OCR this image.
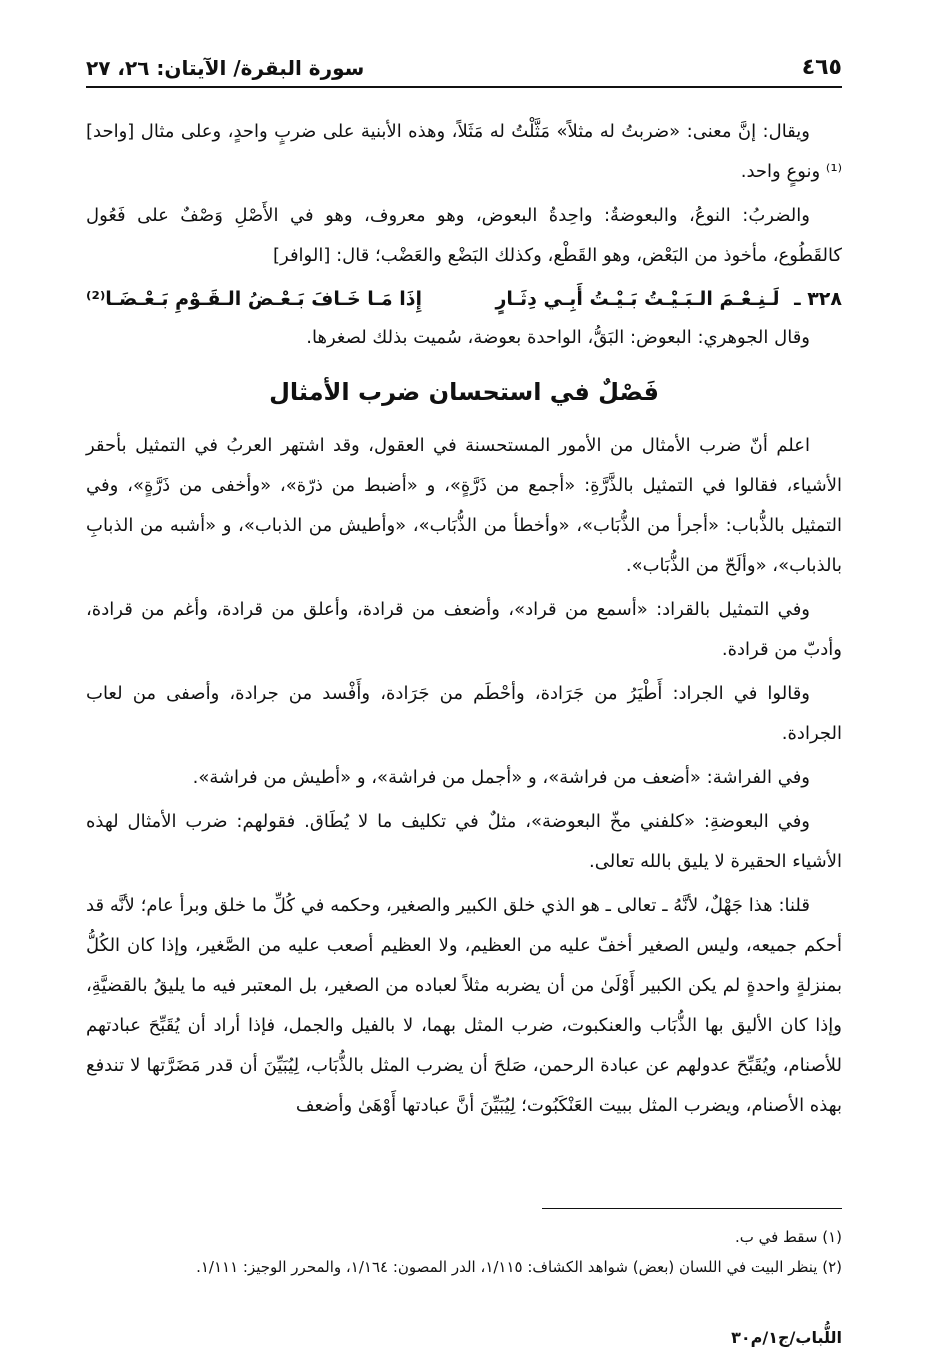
سورة البقرة/ الآيتان: ٢٦، ٢٧	٤٦٥

ويقال: إنَّ معنى: «ضربتُ له مثلاً» مَثَّلْتُ له مَثَلاً، وهذه الأبنية على ضربٍ واحدٍ، وعلى مثال [واحد]⁽¹⁾ ونوعٍ واحد.

والضربُ: النوعُ، والبعوضةُ: واحِدةُ البعوض، وهو معروف، وهو في الأَصْلِ وَصْفٌ على فَعُول كالقَطُوع، مأخوذ من البَعْض، وهو القَطْع، وكذلك البَضْع والعَضْب؛ قال: [الوافر]

٣٢٨ ـ لَـنِـعْـمَ الـبَـيْـتُ بَـيْـتُ أَبِـي دِثَـارٍ
إِذَا مَـا خَـافَ بَـعْـضُ الـقَـوْمِ بَـعْـضَـا⁽²⁾

وقال الجوهري: البعوض: البَقُّ، الواحدة بعوضة، سُميت بذلك لصغرها.

فَصْلٌ في استحسان ضرب الأمثال

اعلم أنّ ضرب الأمثال من الأمور المستحسنة في العقول، وقد اشتهر العربُ في التمثيل بأحقر الأشياء، فقالوا في التمثيل بالذَّرَّةِ: «أجمع من ذَرَّةٍ»، و «أضبط من ذرّة»، «وأخفى من ذَرَّةٍ»، وفي التمثيل بالذُّباب: «أجرأ من الذُّبَاب»، «وأخطأ من الذُّبَاب»، «وأطيش من الذباب»، و «أشبه من الذبابِ بالذباب»، «وألَحّ من الذُّبَاب».

وفي التمثيل بالقراد: «أسمع من قراد»، وأضعف من قرادة، وأعلق من قرادة، وأغم من قرادة، وأدبّ من قرادة.

وقالوا في الجراد: أَطْيَرُ من جَرَادة، وأحْطَم من جَرَادة، وأَفْسد من جرادة، وأصفى من لعاب الجرادة.

وفي الفراشة: «أضعف من فراشة»، و «أجمل من فراشة»، و «أطيش من فراشة».

وفي البعوضةِ: «كلفني مخّ البعوضة»، مثلٌ في تكليف ما لا يُطَاق. فقولهم: ضرب الأمثال لهذه الأشياء الحقيرة لا يليق بالله تعالى.

قلنا: هذا جَهْلٌ، لأنَّهُ ـ تعالى ـ هو الذي خلق الكبير والصغير، وحكمه في كُلِّ ما خلق وبرأ عام؛ لأنَّه قد أحكم جميعه، وليس الصغير أخفّ عليه من العظيم، ولا العظيم أصعب عليه من الصَّغير، وإذا كان الكُلُّ بمنزلةٍ واحدةٍ لم يكن الكبير أَوْلَىٰ من أن يضربه مثلاً لعباده من الصغير، بل المعتبر فيه ما يليقُ بالقضيَّةِ، وإذا كان الأليق بها الذُّبَاب والعنكبوت، ضرب المثل بهما، لا بالفيل والجمل، فإذا أراد أن يُقَبِّحَ عبادتهم للأصنام، ويُقَبِّحَ عدولهم عن عبادة الرحمن، صَلحَ أن يضرب المثل بالذُّبَاب، لِيُبَيِّنَ أن قدر مَضَرَّتها لا تندفع بهذه الأصنام، ويضرب المثل ببيت العَنْكَبُوت؛ لِيُبَيِّنَ أنَّ عبادتها أَوْهَىٰ وأضعف

(١) سقط في ب.

(٢) ينظر البيت في اللسان (بعض) شواهد الكشاف: ١/١١٥، الدر المصون: ١/١٦٤، والمحرر الوجيز: ١/١١١.

اللُّباب/ج١/م٣٠
